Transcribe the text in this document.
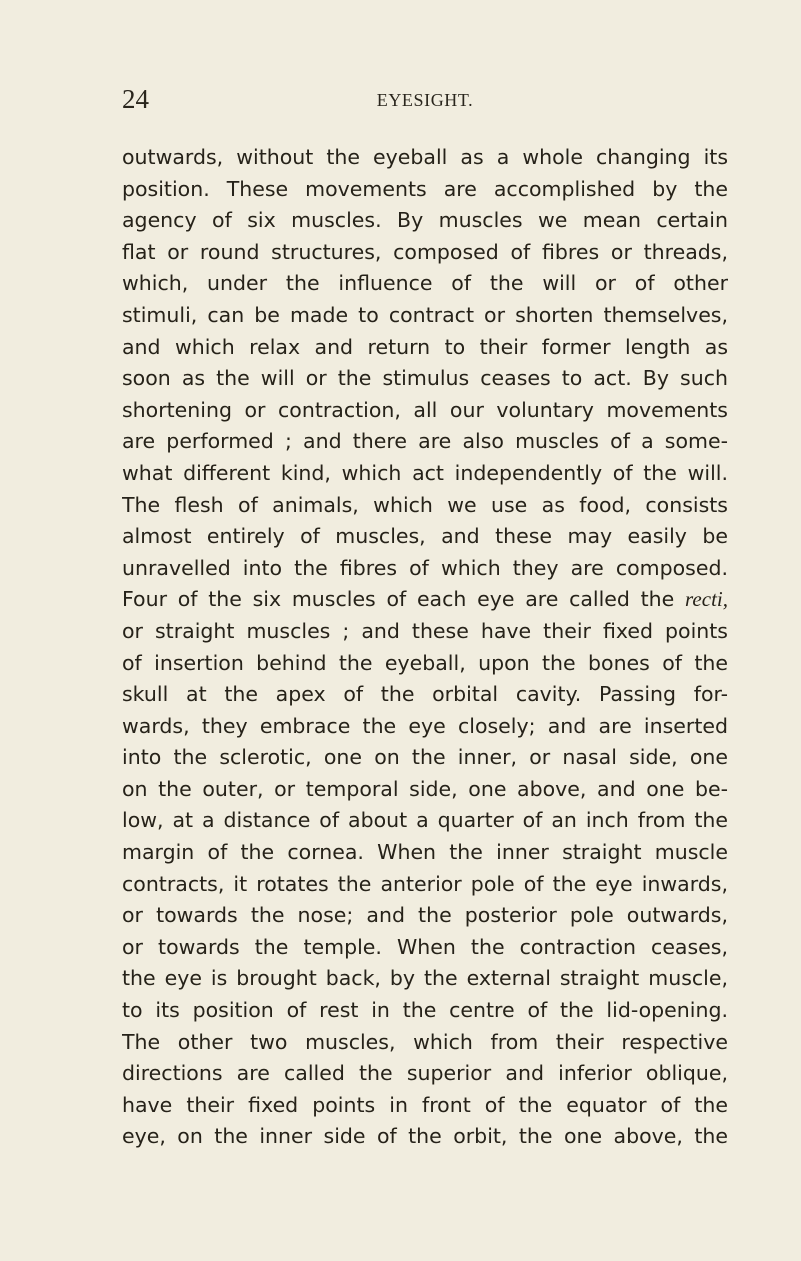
24	EYESIGHT.
outwards, without the eyeball as a whole changing its
position. These movements are accomplished by the
agency of six muscles. By muscles we mean certain
flat or round structures, composed of fibres or threads,
which, under the influence of the will or of other
stimuli, can be made to contract or shorten themselves,
and which relax and return to their former length as
soon as the will or the stimulus ceases to act. By such
shortening or contraction, all our voluntary movements
are performed ; and there are also muscles of a some-
what different kind, which act independently of the will.
The flesh of animals, which we use as food, consists
almost entirely of muscles, and these may easily be
unravelled into the fibres of which they are composed.
Four of the six muscles of each eye are called the recti,
or straight muscles ; and these have their fixed points
of insertion behind the eyeball, upon the bones of the
skull at the apex of the orbital cavity. Passing for-
wards, they embrace the eye closely; and are inserted
into the sclerotic, one on the inner, or nasal side, one
on the outer, or temporal side, one above, and one be-
low, at a distance of about a quarter of an inch from the
margin of the cornea. When the inner straight muscle
contracts, it rotates the anterior pole of the eye inwards,
or towards the nose; and the posterior pole outwards,
or towards the temple. When the contraction ceases,
the eye is brought back, by the external straight muscle,
to its position of rest in the centre of the lid-opening.
The other two muscles, which from their respective
directions are called the superior and inferior oblique,
have their fixed points in front of the equator of the
eye, on the inner side of the orbit, the one above, the
